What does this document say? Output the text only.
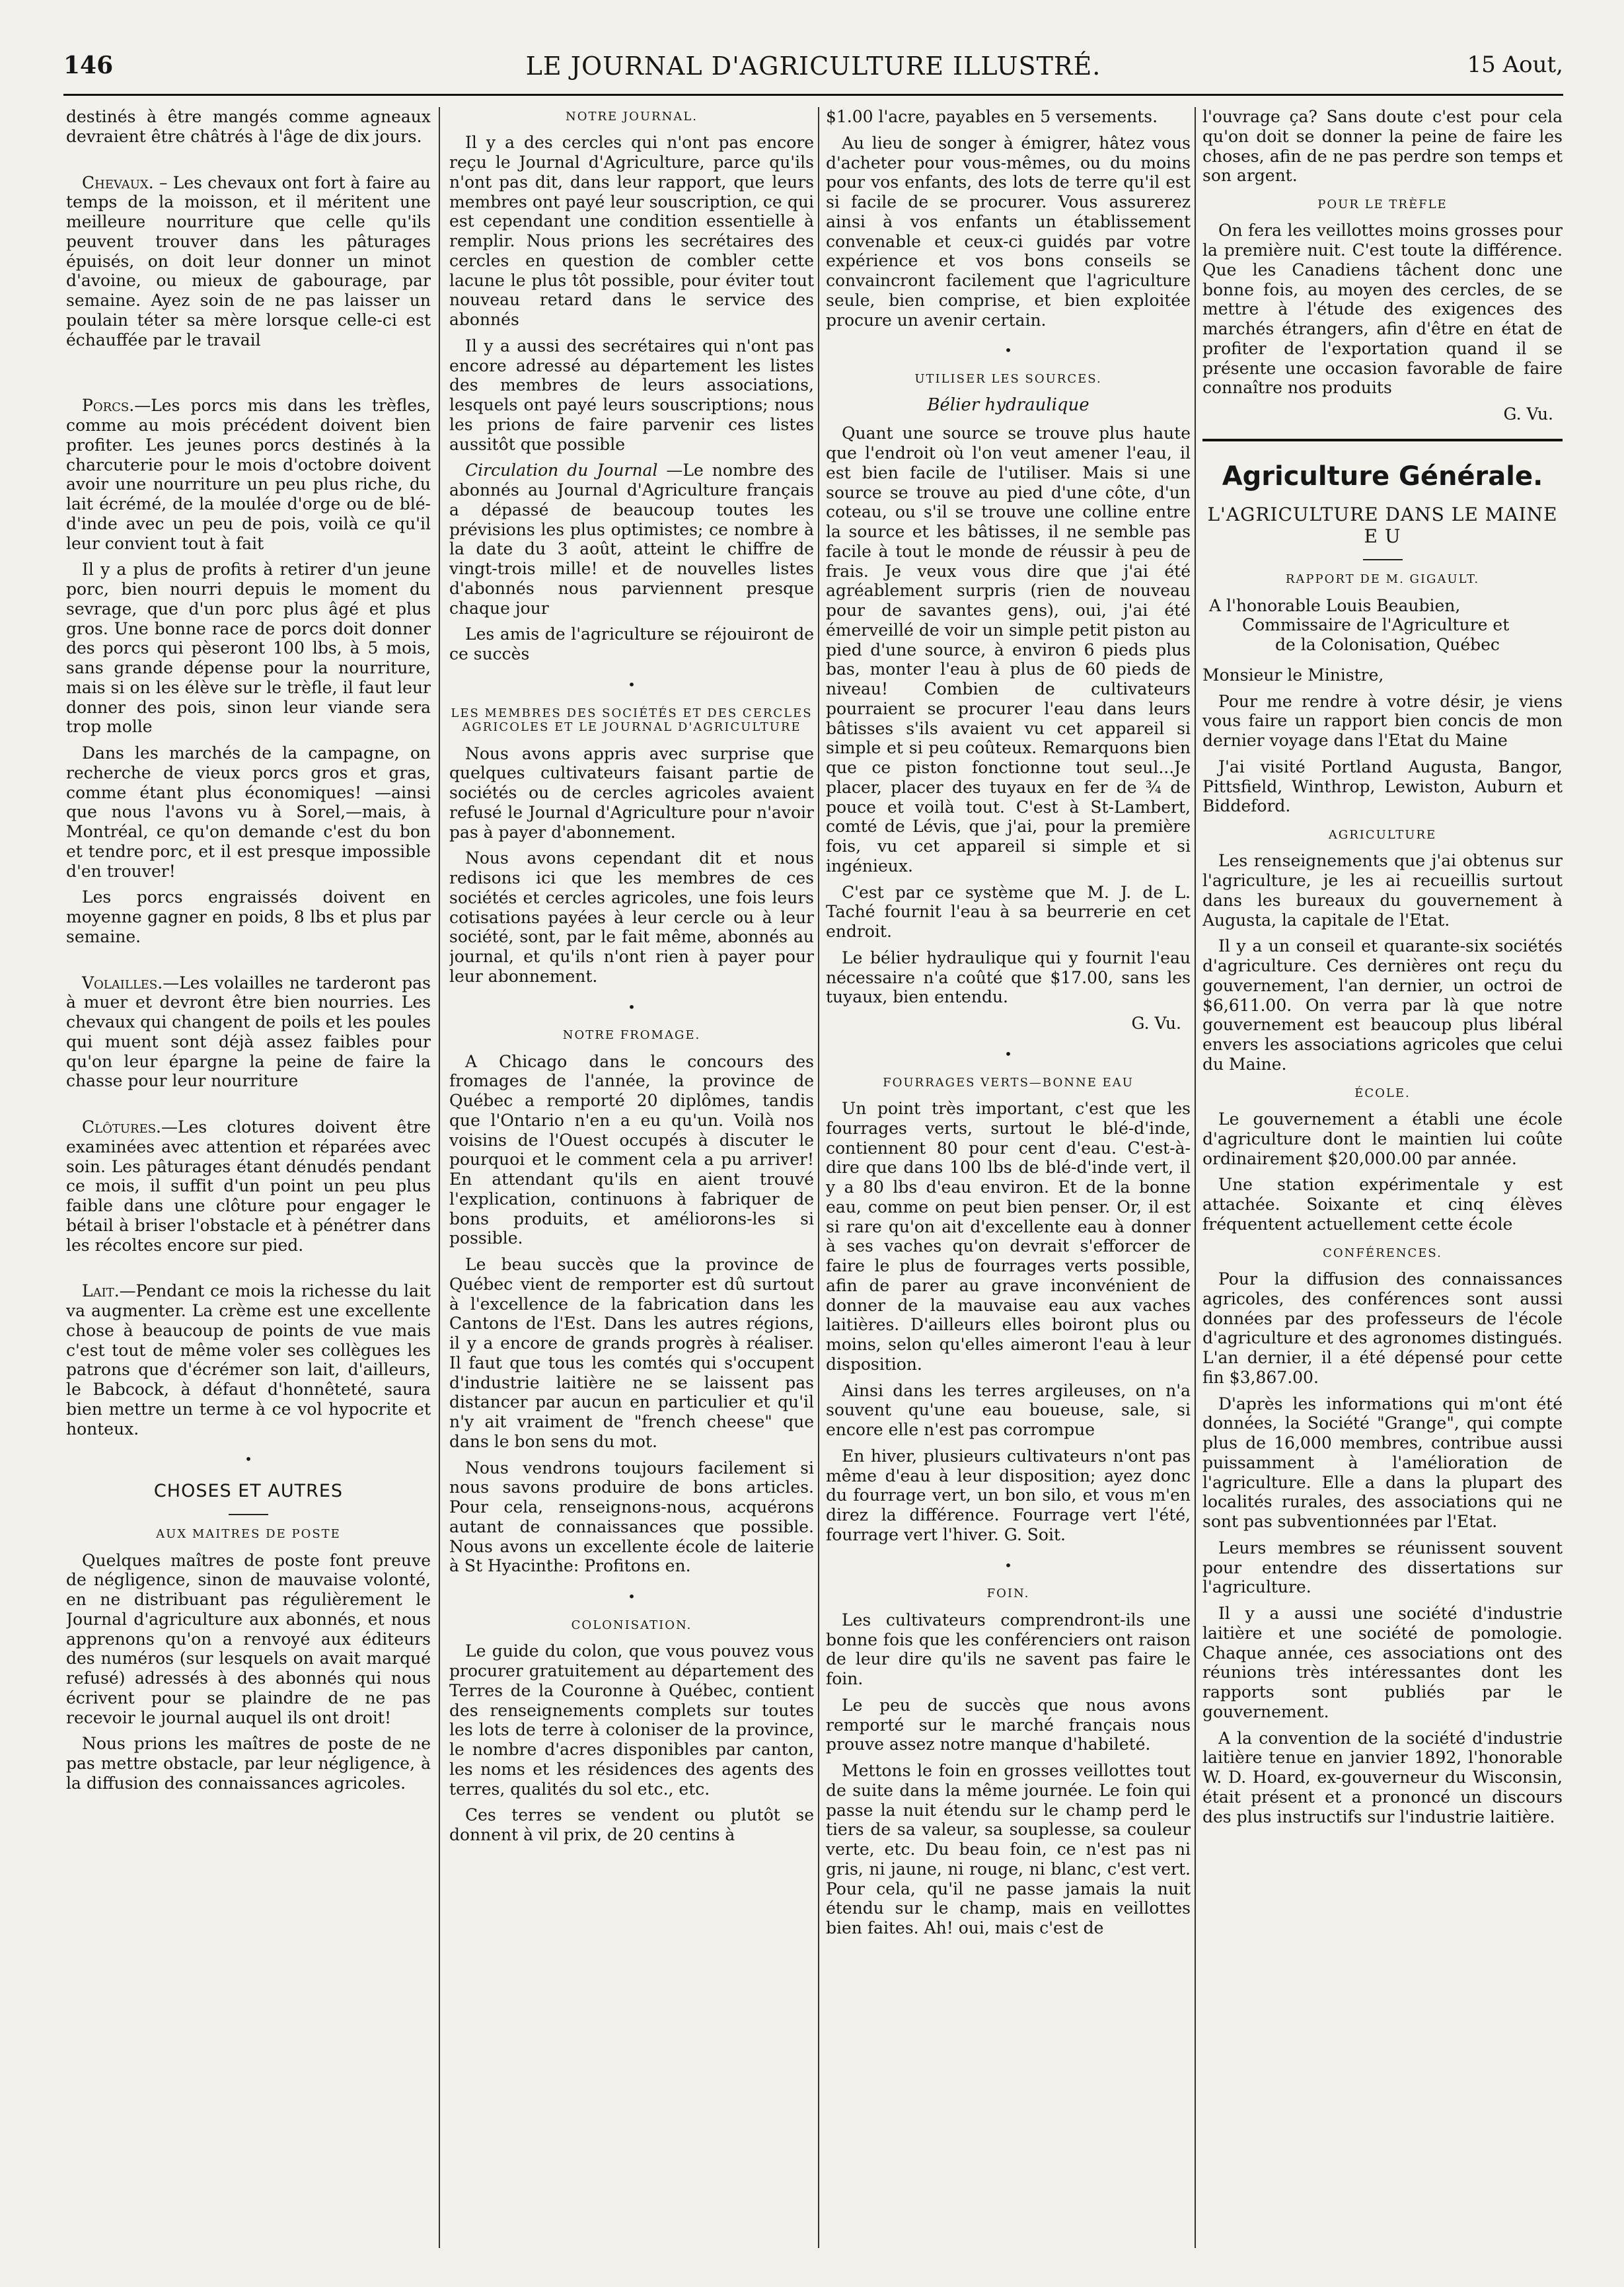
146	LE JOURNAL D'AGRICULTURE ILLUSTRÉ.	15 Aout,

destinés à être mangés comme agneaux devraient être châtrés à l'âge de dix jours.

Chevaux. – Les chevaux ont fort à faire au temps de la moisson, et il méritent une meilleure nourriture que celle qu'ils peuvent trouver dans les pâturages épuisés, on doit leur donner un minot d'avoine, ou mieux de gabourage, par semaine. Ayez soin de ne pas laisser un poulain téter sa mère lorsque celle-ci est échauffée par le travail

Porcs.—Les porcs mis dans les trèfles, comme au mois précédent doivent bien profiter. Les jeunes porcs destinés à la charcuterie pour le mois d'octobre doivent avoir une nourriture un peu plus riche, du lait écrémé, de la moulée d'orge ou de blé-d'inde avec un peu de pois, voilà ce qu'il leur convient tout à fait

Il y a plus de profits à retirer d'un jeune porc, bien nourri depuis le moment du sevrage, que d'un porc plus âgé et plus gros. Une bonne race de porcs doit donner des porcs qui pèseront 100 lbs, à 5 mois, sans grande dépense pour la nourriture, mais si on les élève sur le trèfle, il faut leur donner des pois, sinon leur viande sera trop molle

Dans les marchés de la campagne, on recherche de vieux porcs gros et gras, comme étant plus économiques! —ainsi que nous l'avons vu à Sorel,—mais, à Montréal, ce qu'on demande c'est du bon et tendre porc, et il est presque impossible d'en trouver!

Les porcs engraissés doivent en moyenne gagner en poids, 8 lbs et plus par semaine.

Volailles.—Les volailles ne tarderont pas à muer et devront être bien nourries. Les chevaux qui changent de poils et les poules qui muent sont déjà assez faibles pour qu'on leur épargne la peine de faire la chasse pour leur nourriture

Clôtures.—Les clotures doivent être examinées avec attention et réparées avec soin. Les pâturages étant dénudés pendant ce mois, il suffit d'un point un peu plus faible dans une clôture pour engager le bétail à briser l'obstacle et à pénétrer dans les récoltes encore sur pied.

Lait.—Pendant ce mois la richesse du lait va augmenter. La crème est une excellente chose à beaucoup de points de vue mais c'est tout de même voler ses collègues les patrons que d'écrémer son lait, d'ailleurs, le Babcock, à défaut d'honnêteté, saura bien mettre un terme à ce vol hypocrite et honteux.

•

CHOSES ET AUTRES

AUX MAITRES DE POSTE

Quelques maîtres de poste font preuve de négligence, sinon de mauvaise volonté, en ne distribuant pas régulièrement le Journal d'agriculture aux abonnés, et nous apprenons qu'on a renvoyé aux éditeurs des numéros (sur lesquels on avait marqué refusé) adressés à des abonnés qui nous écrivent pour se plaindre de ne pas recevoir le journal auquel ils ont droit!

Nous prions les maîtres de poste de ne pas mettre obstacle, par leur négligence, à la diffusion des connaissances agricoles.

NOTRE JOURNAL.

Il y a des cercles qui n'ont pas encore reçu le Journal d'Agriculture, parce qu'ils n'ont pas dit, dans leur rapport, que leurs membres ont payé leur souscription, ce qui est cependant une condition essentielle à remplir. Nous prions les secrétaires des cercles en question de combler cette lacune le plus tôt possible, pour éviter tout nouveau retard dans le service des abonnés

Il y a aussi des secrétaires qui n'ont pas encore adressé au département les listes des membres de leurs associations, lesquels ont payé leurs souscriptions; nous les prions de faire parvenir ces listes aussitôt que possible

Circulation du Journal —Le nombre des abonnés au Journal d'Agriculture français a dépassé de beaucoup toutes les prévisions les plus optimistes; ce nombre à la date du 3 août, atteint le chiffre de vingt-trois mille! et de nouvelles listes d'abonnés nous parviennent presque chaque jour

Les amis de l'agriculture se réjouiront de ce succès

•

LES MEMBRES DES SOCIÉTÉS ET DES CERCLES AGRICOLES ET LE JOURNAL D'AGRICULTURE

Nous avons appris avec surprise que quelques cultivateurs faisant partie de sociétés ou de cercles agricoles avaient refusé le Journal d'Agriculture pour n'avoir pas à payer d'abonnement.

Nous avons cependant dit et nous redisons ici que les membres de ces sociétés et cercles agricoles, une fois leurs cotisations payées à leur cercle ou à leur société, sont, par le fait même, abonnés au journal, et qu'ils n'ont rien à payer pour leur abonnement.

•

NOTRE FROMAGE.

A Chicago dans le concours des fromages de l'année, la province de Québec a remporté 20 diplômes, tandis que l'Ontario n'en a eu qu'un. Voilà nos voisins de l'Ouest occupés à discuter le pourquoi et le comment cela a pu arriver! En attendant qu'ils en aient trouvé l'explication, continuons à fabriquer de bons produits, et améliorons-les si possible.

Le beau succès que la province de Québec vient de remporter est dû surtout à l'excellence de la fabrication dans les Cantons de l'Est. Dans les autres régions, il y a encore de grands progrès à réaliser. Il faut que tous les comtés qui s'occupent d'industrie laitière ne se laissent pas distancer par aucun en particulier et qu'il n'y ait vraiment de "french cheese" que dans le bon sens du mot.

Nous vendrons toujours facilement si nous savons produire de bons articles. Pour cela, renseignons-nous, acquérons autant de connaissances que possible. Nous avons un excellente école de laiterie à St Hyacinthe: Profitons en.

•

COLONISATION.

Le guide du colon, que vous pouvez vous procurer gratuitement au département des Terres de la Couronne à Québec, contient des renseignements complets sur toutes les lots de terre à coloniser de la province, le nombre d'acres disponibles par canton, les noms et les résidences des agents des terres, qualités du sol etc., etc.

Ces terres se vendent ou plutôt se donnent à vil prix, de 20 centins à

$1.00 l'acre, payables en 5 versements.

Au lieu de songer à émigrer, hâtez vous d'acheter pour vous-mêmes, ou du moins pour vos enfants, des lots de terre qu'il est si facile de se procurer. Vous assurerez ainsi à vos enfants un établissement convenable et ceux-ci guidés par votre expérience et vos bons conseils se convaincront facilement que l'agriculture seule, bien comprise, et bien exploitée procure un avenir certain.

•

UTILISER LES SOURCES.

Bélier hydraulique

Quant une source se trouve plus haute que l'endroit où l'on veut amener l'eau, il est bien facile de l'utiliser. Mais si une source se trouve au pied d'une côte, d'un coteau, ou s'il se trouve une colline entre la source et les bâtisses, il ne semble pas facile à tout le monde de réussir à peu de frais. Je veux vous dire que j'ai été agréablement surpris (rien de nouveau pour de savantes gens), oui, j'ai été émerveillé de voir un simple petit piston au pied d'une source, à environ 6 pieds plus bas, monter l'eau à plus de 60 pieds de niveau! Combien de cultivateurs pourraient se procurer l'eau dans leurs bâtisses s'ils avaient vu cet appareil si simple et si peu coûteux. Remarquons bien que ce piston fonctionne tout seul...Je placer, placer des tuyaux en fer de ¾ de pouce et voilà tout. C'est à St-Lambert, comté de Lévis, que j'ai, pour la première fois, vu cet appareil si simple et si ingénieux.

C'est par ce système que M. J. de L. Taché fournit l'eau à sa beurrerie en cet endroit.

Le bélier hydraulique qui y fournit l'eau nécessaire n'a coûté que $17.00, sans les tuyaux, bien entendu.

G. Vu.

•

FOURRAGES VERTS—BONNE EAU

Un point très important, c'est que les fourrages verts, surtout le blé-d'inde, contiennent 80 pour cent d'eau. C'est-à-dire que dans 100 lbs de blé-d'inde vert, il y a 80 lbs d'eau environ. Et de la bonne eau, comme on peut bien penser. Or, il est si rare qu'on ait d'excellente eau à donner à ses vaches qu'on devrait s'efforcer de faire le plus de fourrages verts possible, afin de parer au grave inconvénient de donner de la mauvaise eau aux vaches laitières. D'ailleurs elles boiront plus ou moins, selon qu'elles aimeront l'eau à leur disposition.

Ainsi dans les terres argileuses, on n'a souvent qu'une eau boueuse, sale, si encore elle n'est pas corrompue

En hiver, plusieurs cultivateurs n'ont pas même d'eau à leur disposition; ayez donc du fourrage vert, un bon silo, et vous m'en direz la différence. Fourrage vert l'été, fourrage vert l'hiver. G. Soit.

•

FOIN.

Les cultivateurs comprendront-ils une bonne fois que les conférenciers ont raison de leur dire qu'ils ne savent pas faire le foin.

Le peu de succès que nous avons remporté sur le marché français nous prouve assez notre manque d'habileté.

Mettons le foin en grosses veillottes tout de suite dans la même journée. Le foin qui passe la nuit étendu sur le champ perd le tiers de sa valeur, sa souplesse, sa couleur verte, etc. Du beau foin, ce n'est pas ni gris, ni jaune, ni rouge, ni blanc, c'est vert. Pour cela, qu'il ne passe jamais la nuit étendu sur le champ, mais en veillottes bien faites. Ah! oui, mais c'est de

l'ouvrage ça? Sans doute c'est pour cela qu'on doit se donner la peine de faire les choses, afin de ne pas perdre son temps et son argent.

POUR LE TRÈFLE

On fera les veillottes moins grosses pour la première nuit. C'est toute la différence. Que les Canadiens tâchent donc une bonne fois, au moyen des cercles, de se mettre à l'étude des exigences des marchés étrangers, afin d'être en état de profiter de l'exportation quand il se présente une occasion favorable de faire connaître nos produits

G. Vu.

Agriculture Générale.

L'AGRICULTURE DANS LE MAINE E U

RAPPORT DE M. GIGAULT.

A l'honorable Louis Beaubien,

Commissaire de l'Agriculture et

de la Colonisation, Québec

Monsieur le Ministre,

Pour me rendre à votre désir, je viens vous faire un rapport bien concis de mon dernier voyage dans l'Etat du Maine

J'ai visité Portland Augusta, Bangor, Pittsfield, Winthrop, Lewiston, Auburn et Biddeford.

AGRICULTURE

Les renseignements que j'ai obtenus sur l'agriculture, je les ai recueillis surtout dans les bureaux du gouvernement à Augusta, la capitale de l'Etat.

Il y a un conseil et quarante-six sociétés d'agriculture. Ces dernières ont reçu du gouvernement, l'an dernier, un octroi de $6,611.00. On verra par là que notre gouvernement est beaucoup plus libéral envers les associations agricoles que celui du Maine.

ÉCOLE.

Le gouvernement a établi une école d'agriculture dont le maintien lui coûte ordinairement $20,000.00 par année.

Une station expérimentale y est attachée. Soixante et cinq élèves fréquentent actuellement cette école

CONFÉRENCES.

Pour la diffusion des connaissances agricoles, des conférences sont aussi données par des professeurs de l'école d'agriculture et des agronomes distingués. L'an dernier, il a été dépensé pour cette fin $3,867.00.

D'après les informations qui m'ont été données, la Société "Grange", qui compte plus de 16,000 membres, contribue aussi puissamment à l'amélioration de l'agriculture. Elle a dans la plupart des localités rurales, des associations qui ne sont pas subventionnées par l'Etat.

Leurs membres se réunissent souvent pour entendre des dissertations sur l'agriculture.

Il y a aussi une société d'industrie laitière et une société de pomologie. Chaque année, ces associations ont des réunions très intéressantes dont les rapports sont publiés par le gouvernement.

A la convention de la société d'industrie laitière tenue en janvier 1892, l'honorable W. D. Hoard, ex-gouverneur du Wisconsin, était présent et a prononcé un discours des plus instructifs sur l'industrie laitière.
